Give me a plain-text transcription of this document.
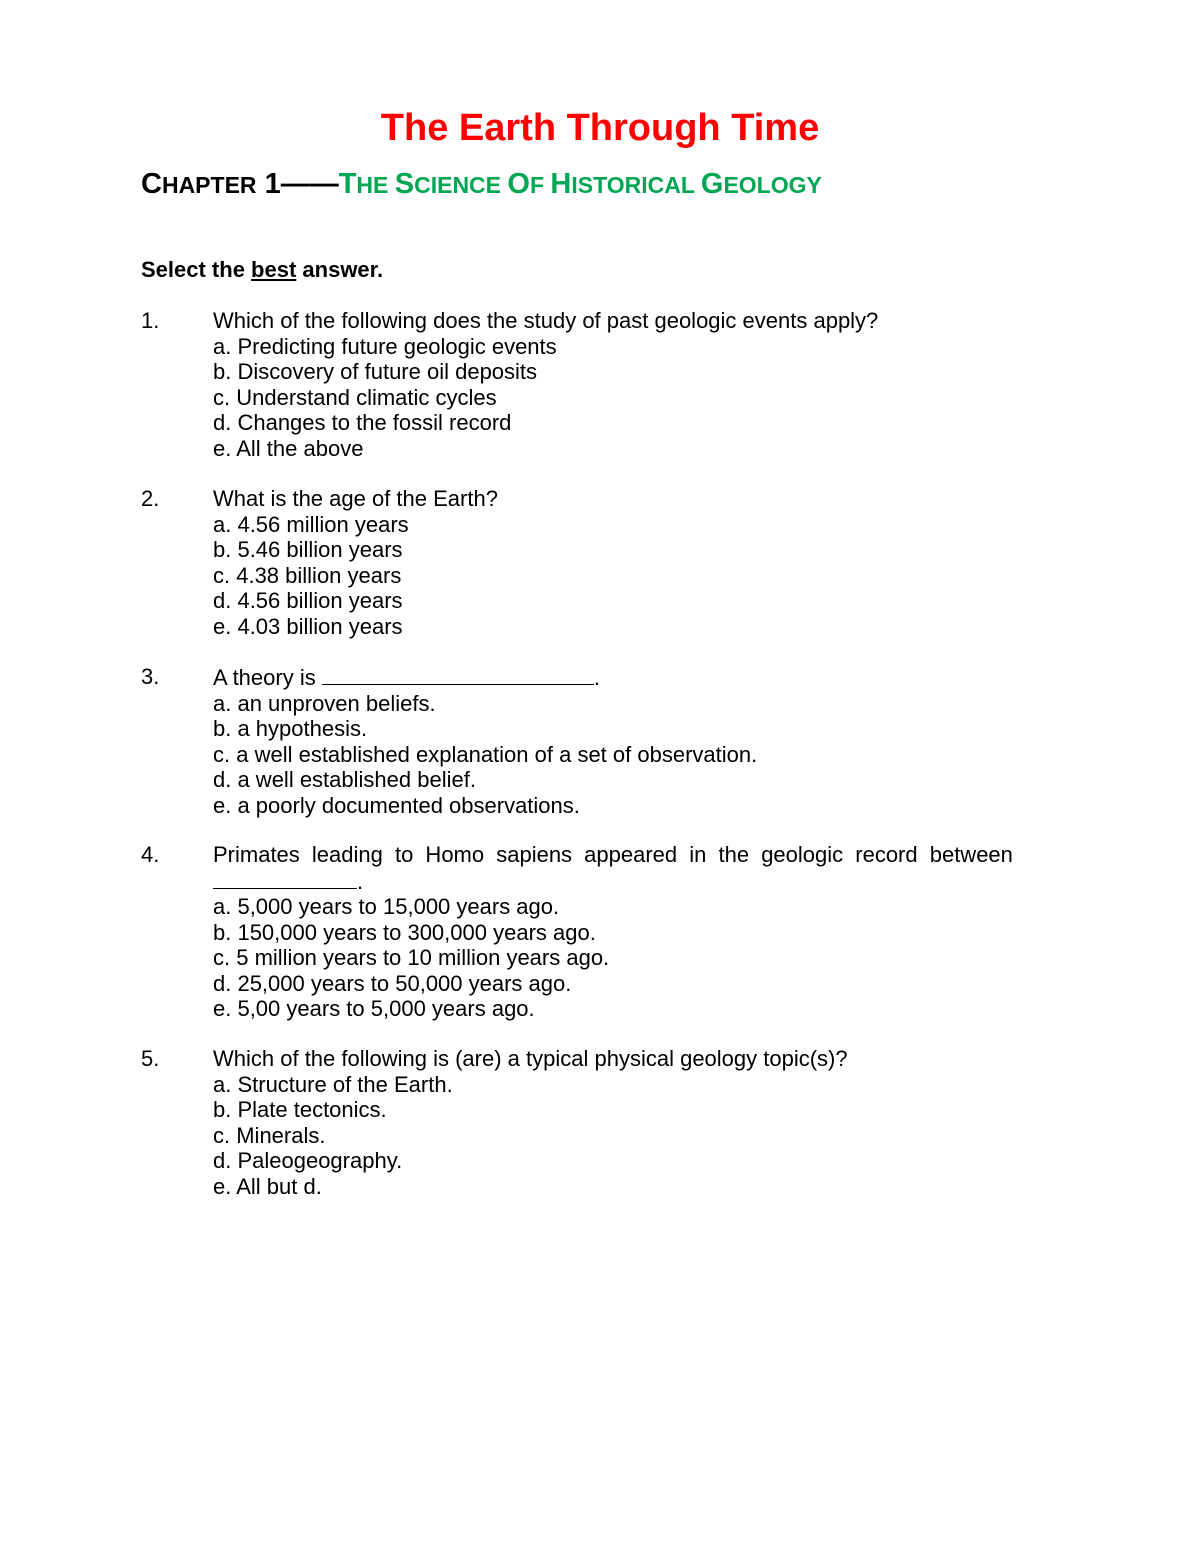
The Earth Through Time
CHAPTER 1——THE SCIENCE OF HISTORICAL GEOLOGY
Select the best answer.
1. Which of the following does the study of past geologic events apply?
a. Predicting future geologic events
b. Discovery of future oil deposits
c. Understand climatic cycles
d. Changes to the fossil record
e. All the above
2. What is the age of the Earth?
a. 4.56 million years
b. 5.46 billion years
c. 4.38 billion years
d. 4.56 billion years
e. 4.03 billion years
3. A theory is	.
a. an unproven beliefs.
b. a hypothesis.
c. a well established explanation of a set of observation.
d. a well established belief.
e. a poorly documented observations.
4. Primates leading to Homo sapiens appeared in the geologic record between
.
a. 5,000 years to 15,000 years ago.
b. 150,000 years to 300,000 years ago.
c. 5 million years to 10 million years ago.
d. 25,000 years to 50,000 years ago.
e. 5,00 years to 5,000 years ago.
5. Which of the following is (are) a typical physical geology topic(s)?
a. Structure of the Earth.
b. Plate tectonics.
c. Minerals.
d. Paleogeography.
e. All but d.
